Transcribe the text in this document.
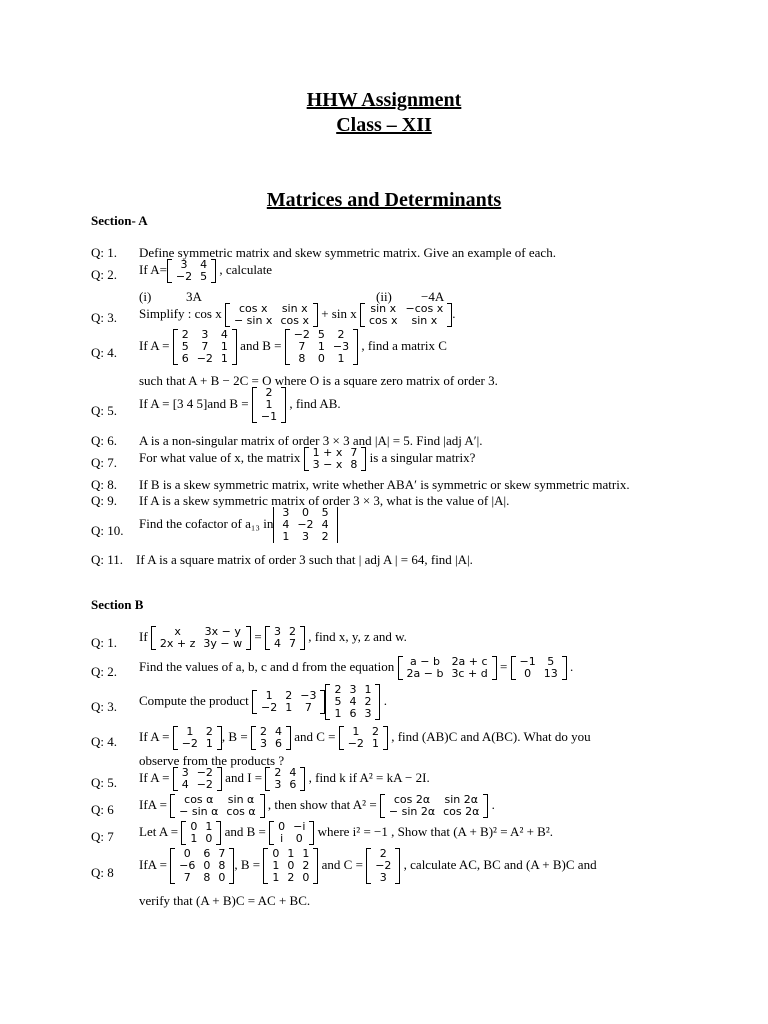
HHW Assignment
Class – XII
Matrices and Determinants
Section- A
Q: 1. Define symmetric matrix and skew symmetric matrix. Give an example of each.
Q: 2. If A= 3	4
−2	5 , calculate
(i)	3A	(ii) −4A
Q: 3. Simplify : cos x cos x	sin x
− sin x	cos x + sin x sin x	−cos x
cos x	sin x .
Q: 4. If A =
2	3	4
5	7	1
6	−2	1
and B =
−2	5	2
7	1	−3
8	0	1
, find a matrix C
such that A + B − 2C = O where O is a square zero matrix of order 3.
Q: 5. If A = [3 4 5]and B =
2
1
−1
, find AB.
Q: 6. A is a non-singular matrix of order 3 × 3 and |A| = 5. Find |adj A′|.
Q: 7. For what value of x, the matrix 1 + x	7
3 − x	8 is a singular matrix?
Q: 8. If B is a skew symmetric matrix, write whether ABA′ is symmetric or skew symmetric matrix.
Q: 9. If A is a skew symmetric matrix of order 3 × 3, what is the value of |A|.
Q: 10. Find the cofactor of a₁₃ in
3	0	5
4	−2	4
1	3	2
Q: 11. If A is a square matrix of order 3 such that | adj A | = 64, find |A|.
Section B
Q: 1. If x	3x − y
2x + z	3y − w = 3	2
4	7 , find x, y, z and w.
Q: 2. Find the values of a, b, c and d from the equation a − b	2a + c
2a − b	3c + d = −1	5
0	13 .
Q: 3. Compute the product 1	2	−3
−2	1	7
2	3	1
5	4	2
1	6	3
.
Q: 4. If A = 1	2
−2	1 , B = 2	4
3	6 and C = 1	2
−2	1 , find (AB)C and A(BC). What do you
observe from the products ?
Q: 5. If A = 3	−2
4	−2 and I = 2	4
3	6 , find k if A² = kA − 2I.
Q: 6 IfA = cos α	sin α
− sin α	cos α , then show that A² = cos 2α	sin 2α
− sin 2α	cos 2α .
Q: 7 Let A = 0	1
1	0 and B = 0	−i
i	0 where i² = −1 , Show that (A + B)² = A² + B².
Q: 8
IfA =
0	6	7
−6	0	8
7	8	0
, B =
0	1	1
1	0	2
1	2	0
and C =
2
−2
3
, calculate AC, BC and (A + B)C and
verify that (A + B)C = AC + BC.
